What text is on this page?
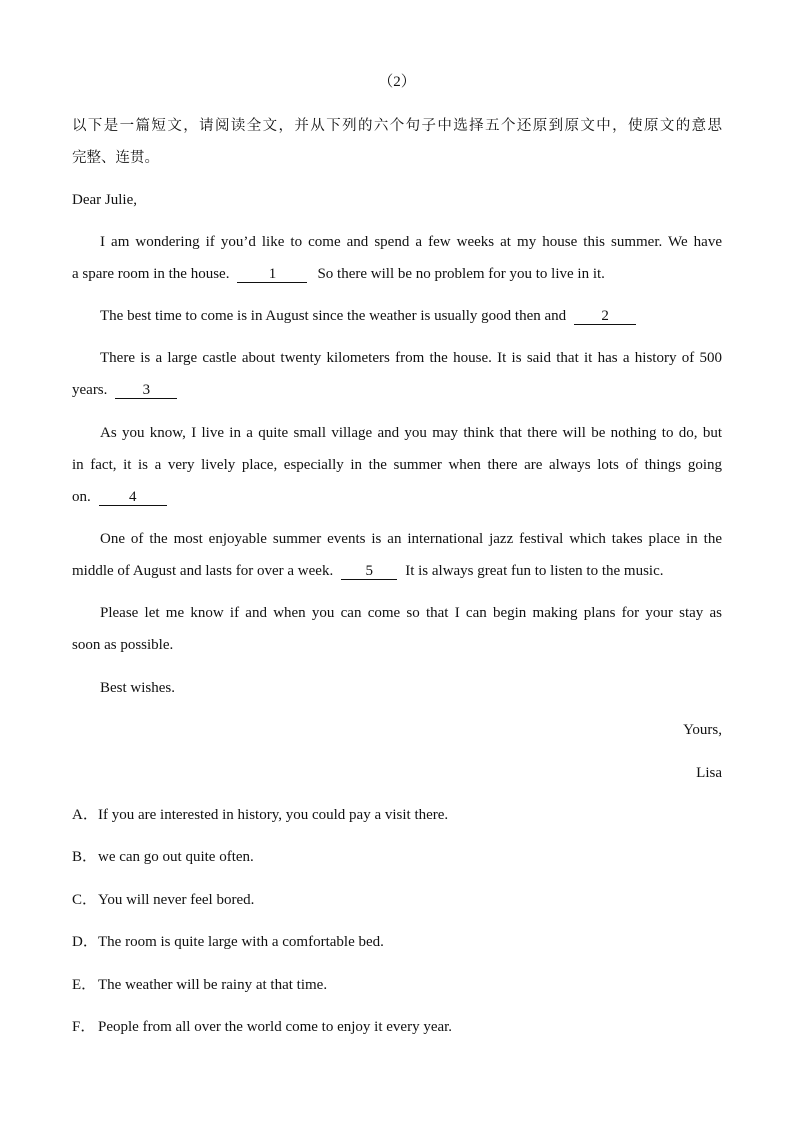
（2）
以下是一篇短文，请阅读全文，并从下列的六个句子中选择五个还原到原文中，使原文的意思
完整、连贯。
Dear Julie,
I am wondering if you’d like to come and spend a few weeks at my house this summer. We have
a spare room in the house.	1	So there will be no problem for you to live in it.
The best time to come is in August since the weather is usually good then and 2
There is a large castle about twenty kilometers from the house. It is said that it has a history of 500
years. 3
As you know, I live in a quite small village and you may think that there will be nothing to do, but
in fact, it is a very lively place, especially in the summer when there are always lots of things going
on.	4
One of the most enjoyable summer events is an international jazz festival which takes place in the
middle of August and lasts for over a week. 5 It is always great fun to listen to the music.
Please let me know if and when you can come so that I can begin making plans for your stay as
soon as possible.
Best wishes.
Yours,
Lisa
A．If you are interested in history, you could pay a visit there.
B．we can go out quite often.
C．You will never feel bored.
D．The room is quite large with a comfortable bed.
E． The weather will be rainy at that time.
F． People from all over the world come to enjoy it every year.
